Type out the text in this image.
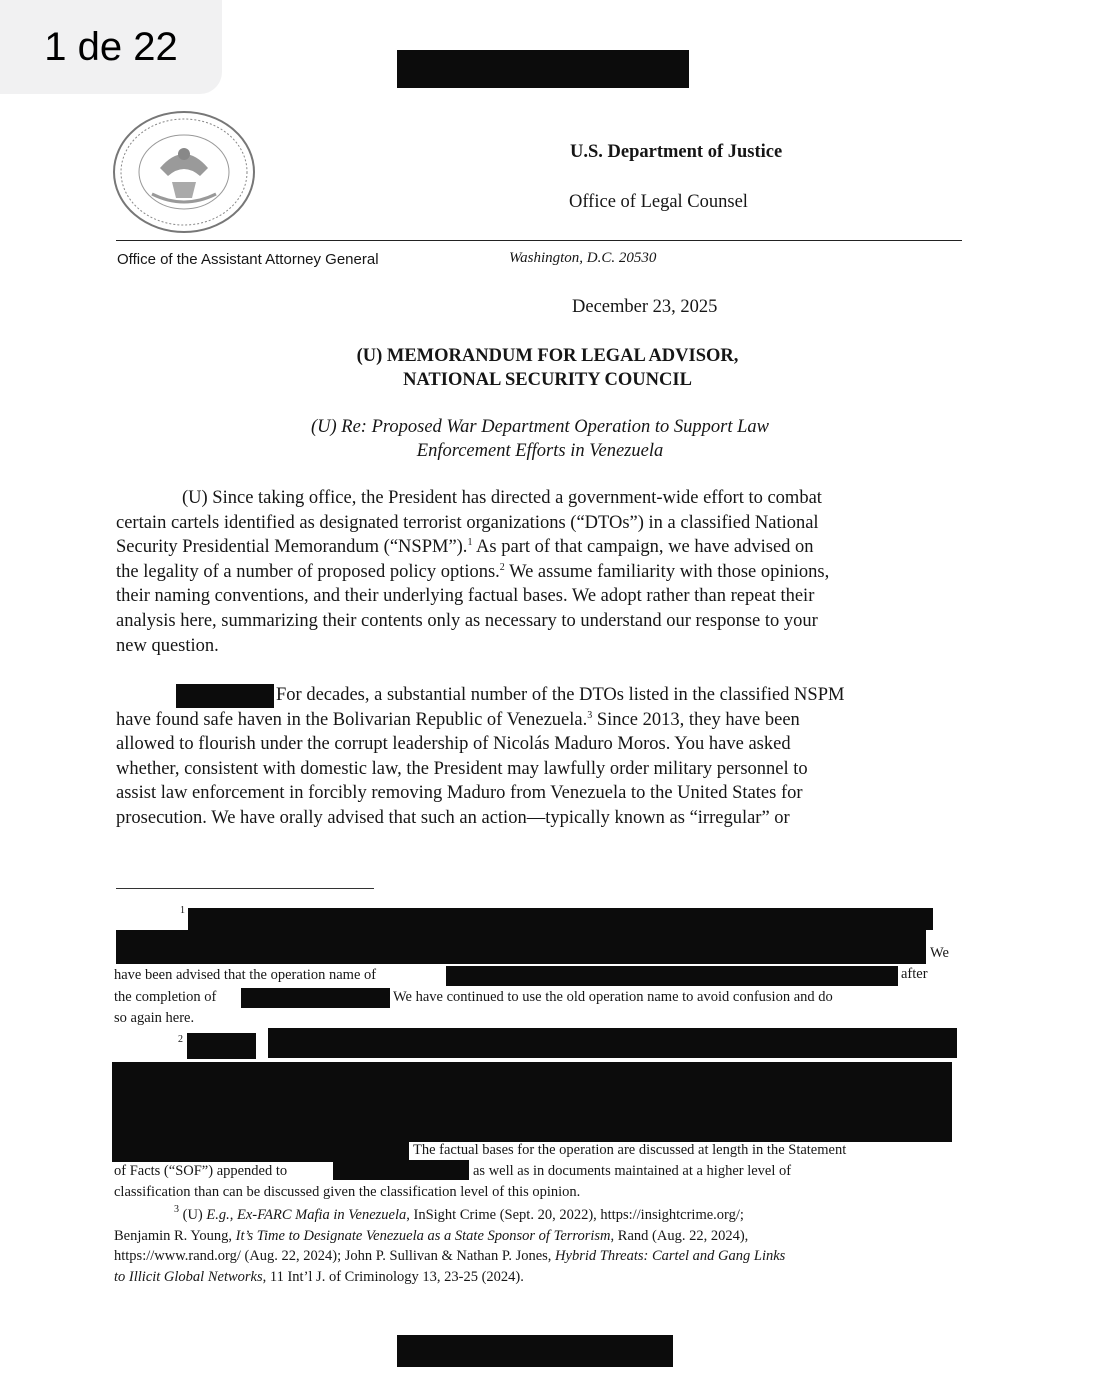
1 de 22
U.S. Department of Justice
Office of Legal Counsel
Office of the Assistant Attorney General	Washington, D.C. 20530
December 23, 2025
(U) MEMORANDUM FOR LEGAL ADVISOR,
NATIONAL SECURITY COUNCIL
(U) Re: Proposed War Department Operation to Support Law
Enforcement Efforts in Venezuela
(U) Since taking office, the President has directed a government-wide effort to combat
certain cartels identified as designated terrorist organizations (“DTOs”) in a classified National
Security Presidential Memorandum (“NSPM”).$^1$ As part of that campaign, we have advised on
the legality of a number of proposed policy options.$^2$ We assume familiarity with those opinions,
their naming conventions, and their underlying factual bases. We adopt rather than repeat their
analysis here, summarizing their contents only as necessary to understand our response to your
new question.
For decades, a substantial number of the DTOs listed in the classified NSPM
have found safe haven in the Bolivarian Republic of Venezuela.$^3$ Since 2013, they have been
allowed to flourish under the corrupt leadership of Nicolás Maduro Moros. You have asked
whether, consistent with domestic law, the President may lawfully order military personnel to
assist law enforcement in forcibly removing Maduro from Venezuela to the United States for
prosecution. We have orally advised that such an action—typically known as “irregular” or
1
We
have been advised that the operation name of	after
the completion of	We have continued to use the old operation name to avoid confusion and do
so again here.
2
The factual bases for the operation are discussed at length in the Statement
of Facts (“SOF”) appended to	as well as in documents maintained at a higher level of
classification than can be discussed given the classification level of this opinion.
$^3$ (U) E.g., Ex-FARC Mafia in Venezuela, InSight Crime (Sept. 20, 2022), https://insightcrime.org/;
Benjamin R. Young, It’s Time to Designate Venezuela as a State Sponsor of Terrorism, Rand (Aug. 22, 2024),
https://www.rand.org/ (Aug. 22, 2024); John P. Sullivan & Nathan P. Jones, Hybrid Threats: Cartel and Gang Links
to Illicit Global Networks, 11 Int’l J. of Criminology 13, 23-25 (2024).
